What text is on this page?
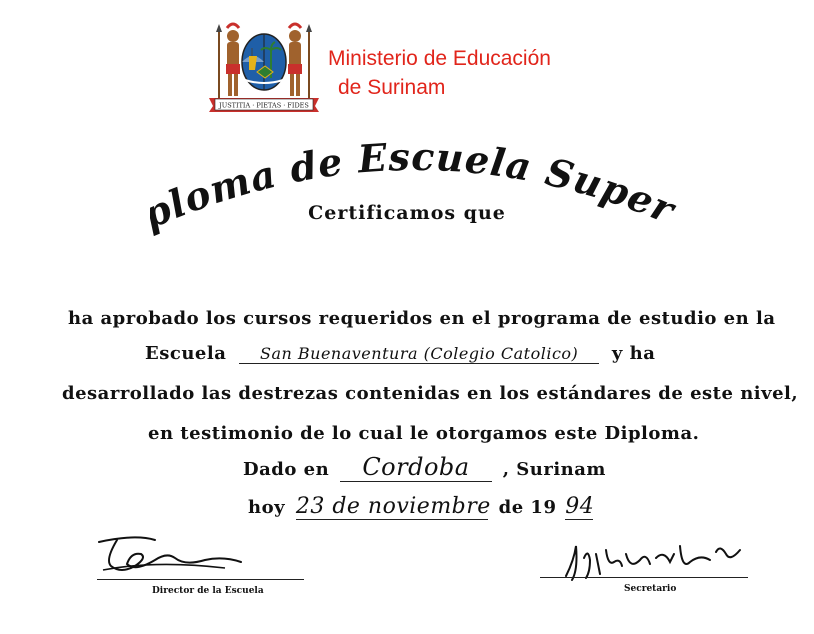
JUSTITIA · PIETAS · FIDES
Ministerio de Educación
de Surinam
loma de Escuela Super
Certificamos que
ha aprobado los cursos requeridos en el programa de estudio en la
Escuela San Buenaventura (Colegio Catolico) y ha
desarrollado las destrezas contenidas en los estándares de este nivel,
en testimonio de lo cual le otorgamos este Diploma.
Dado en Cordoba , Surinam
hoy 23 de noviembre de 19 94
Director de la Escuela	Secretario
